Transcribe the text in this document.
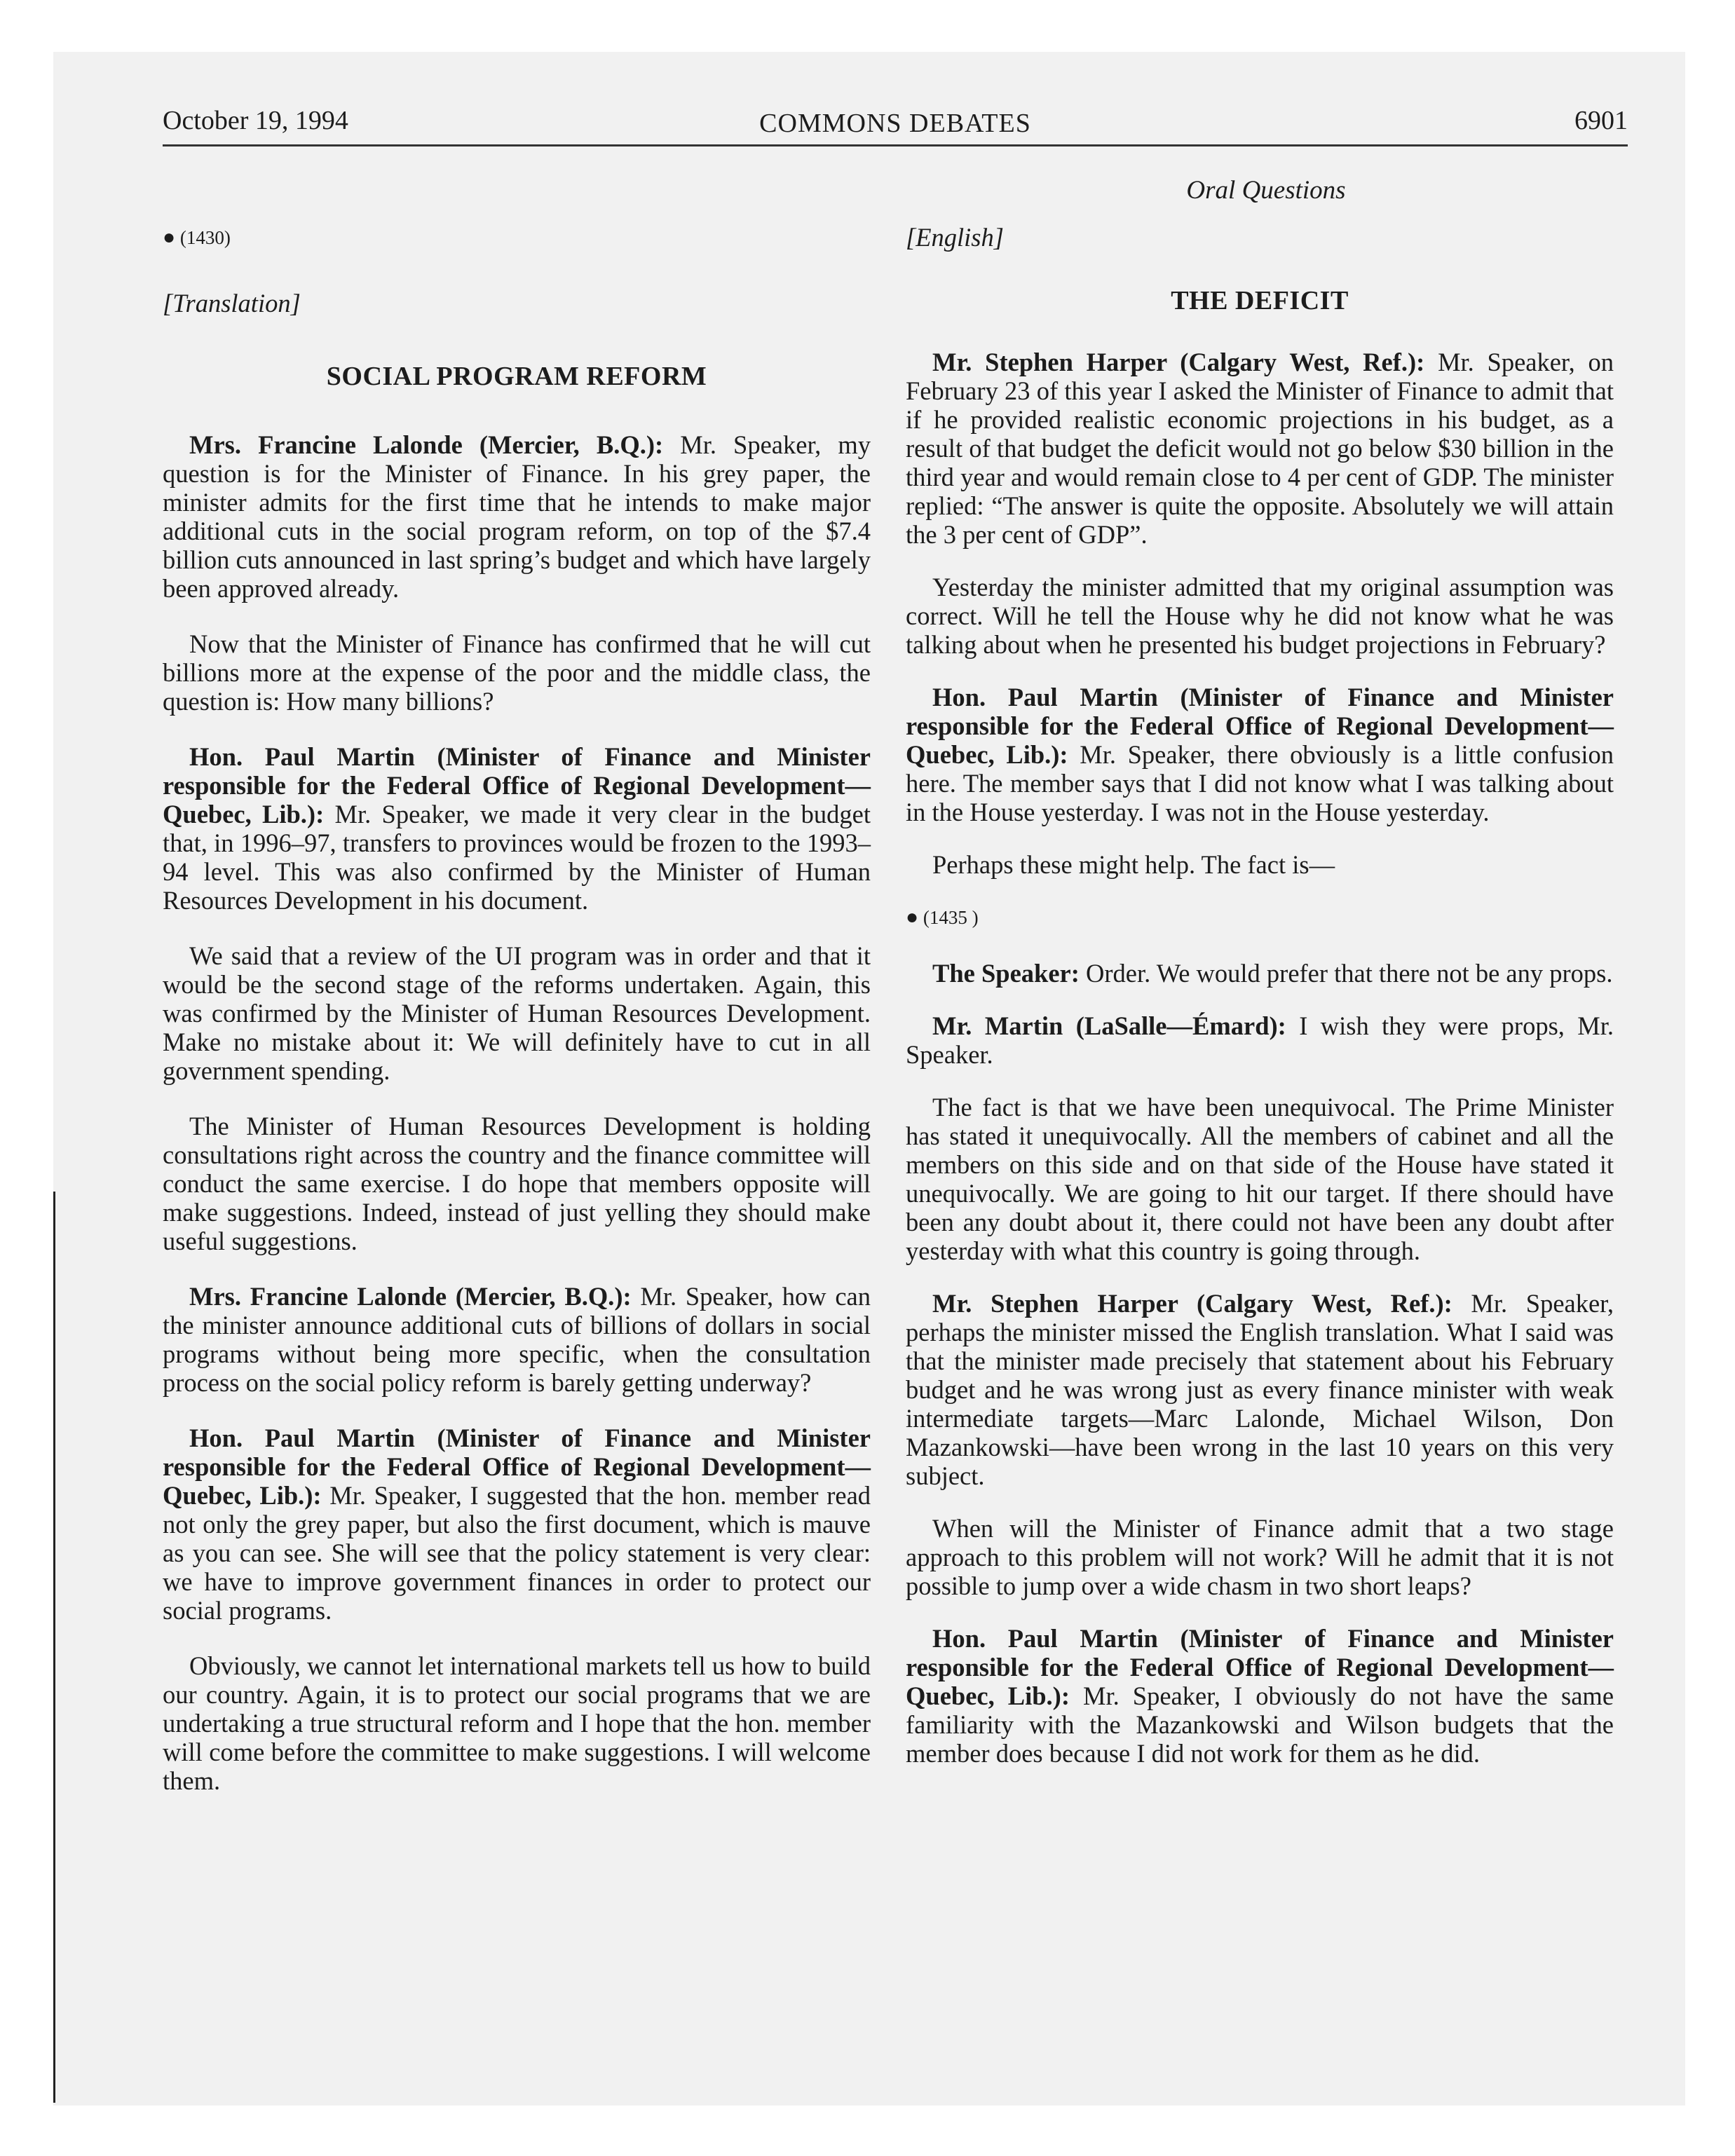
October 19, 1994	COMMONS DEBATES	6901
Oral Questions
● (1430)
[Translation]
SOCIAL PROGRAM REFORM

Mrs. Francine Lalonde (Mercier, B.Q.): Mr. Speaker, my question is for the Minister of Finance. In his grey paper, the minister admits for the first time that he intends to make major additional cuts in the social program reform, on top of the $7.4 billion cuts announced in last spring’s budget and which have largely been approved already.

Now that the Minister of Finance has confirmed that he will cut billions more at the expense of the poor and the middle class, the question is: How many billions?

Hon. Paul Martin (Minister of Finance and Minister responsible for the Federal Office of Regional Development—Quebec, Lib.): Mr. Speaker, we made it very clear in the budget that, in 1996–97, transfers to provinces would be frozen to the 1993–94 level. This was also confirmed by the Minister of Human Resources Development in his document.

We said that a review of the UI program was in order and that it would be the second stage of the reforms undertaken. Again, this was confirmed by the Minister of Human Resources Development. Make no mistake about it: We will definitely have to cut in all government spending.

The Minister of Human Resources Development is holding consultations right across the country and the finance committee will conduct the same exercise. I do hope that members opposite will make suggestions. Indeed, instead of just yelling they should make useful suggestions.

Mrs. Francine Lalonde (Mercier, B.Q.): Mr. Speaker, how can the minister announce additional cuts of billions of dollars in social programs without being more specific, when the consultation process on the social policy reform is barely getting underway?

Hon. Paul Martin (Minister of Finance and Minister responsible for the Federal Office of Regional Development—Quebec, Lib.): Mr. Speaker, I suggested that the hon. member read not only the grey paper, but also the first document, which is mauve as you can see. She will see that the policy statement is very clear: we have to improve government finances in order to protect our social programs.

Obviously, we cannot let international markets tell us how to build our country. Again, it is to protect our social programs that we are undertaking a true structural reform and I hope that the hon. member will come before the committee to make suggestions. I will welcome them.

[English]
THE DEFICIT

Mr. Stephen Harper (Calgary West, Ref.): Mr. Speaker, on February 23 of this year I asked the Minister of Finance to admit that if he provided realistic economic projections in his budget, as a result of that budget the deficit would not go below $30 billion in the third year and would remain close to 4 per cent of GDP. The minister replied: “The answer is quite the opposite. Absolutely we will attain the 3 per cent of GDP”.

Yesterday the minister admitted that my original assumption was correct. Will he tell the House why he did not know what he was talking about when he presented his budget projections in February?

Hon. Paul Martin (Minister of Finance and Minister responsible for the Federal Office of Regional Development—Quebec, Lib.): Mr. Speaker, there obviously is a little confusion here. The member says that I did not know what I was talking about in the House yesterday. I was not in the House yesterday.

Perhaps these might help. The fact is—

● (1435 )

The Speaker: Order. We would prefer that there not be any props.

Mr. Martin (LaSalle—Émard): I wish they were props, Mr. Speaker.

The fact is that we have been unequivocal. The Prime Minister has stated it unequivocally. All the members of cabinet and all the members on this side and on that side of the House have stated it unequivocally. We are going to hit our target. If there should have been any doubt about it, there could not have been any doubt after yesterday with what this country is going through.

Mr. Stephen Harper (Calgary West, Ref.): Mr. Speaker, perhaps the minister missed the English translation. What I said was that the minister made precisely that statement about his February budget and he was wrong just as every finance minister with weak intermediate targets—Marc Lalonde, Michael Wilson, Don Mazankowski—have been wrong in the last 10 years on this very subject.

When will the Minister of Finance admit that a two stage approach to this problem will not work? Will he admit that it is not possible to jump over a wide chasm in two short leaps?

Hon. Paul Martin (Minister of Finance and Minister responsible for the Federal Office of Regional Development—Quebec, Lib.): Mr. Speaker, I obviously do not have the same familiarity with the Mazankowski and Wilson budgets that the member does because I did not work for them as he did.
